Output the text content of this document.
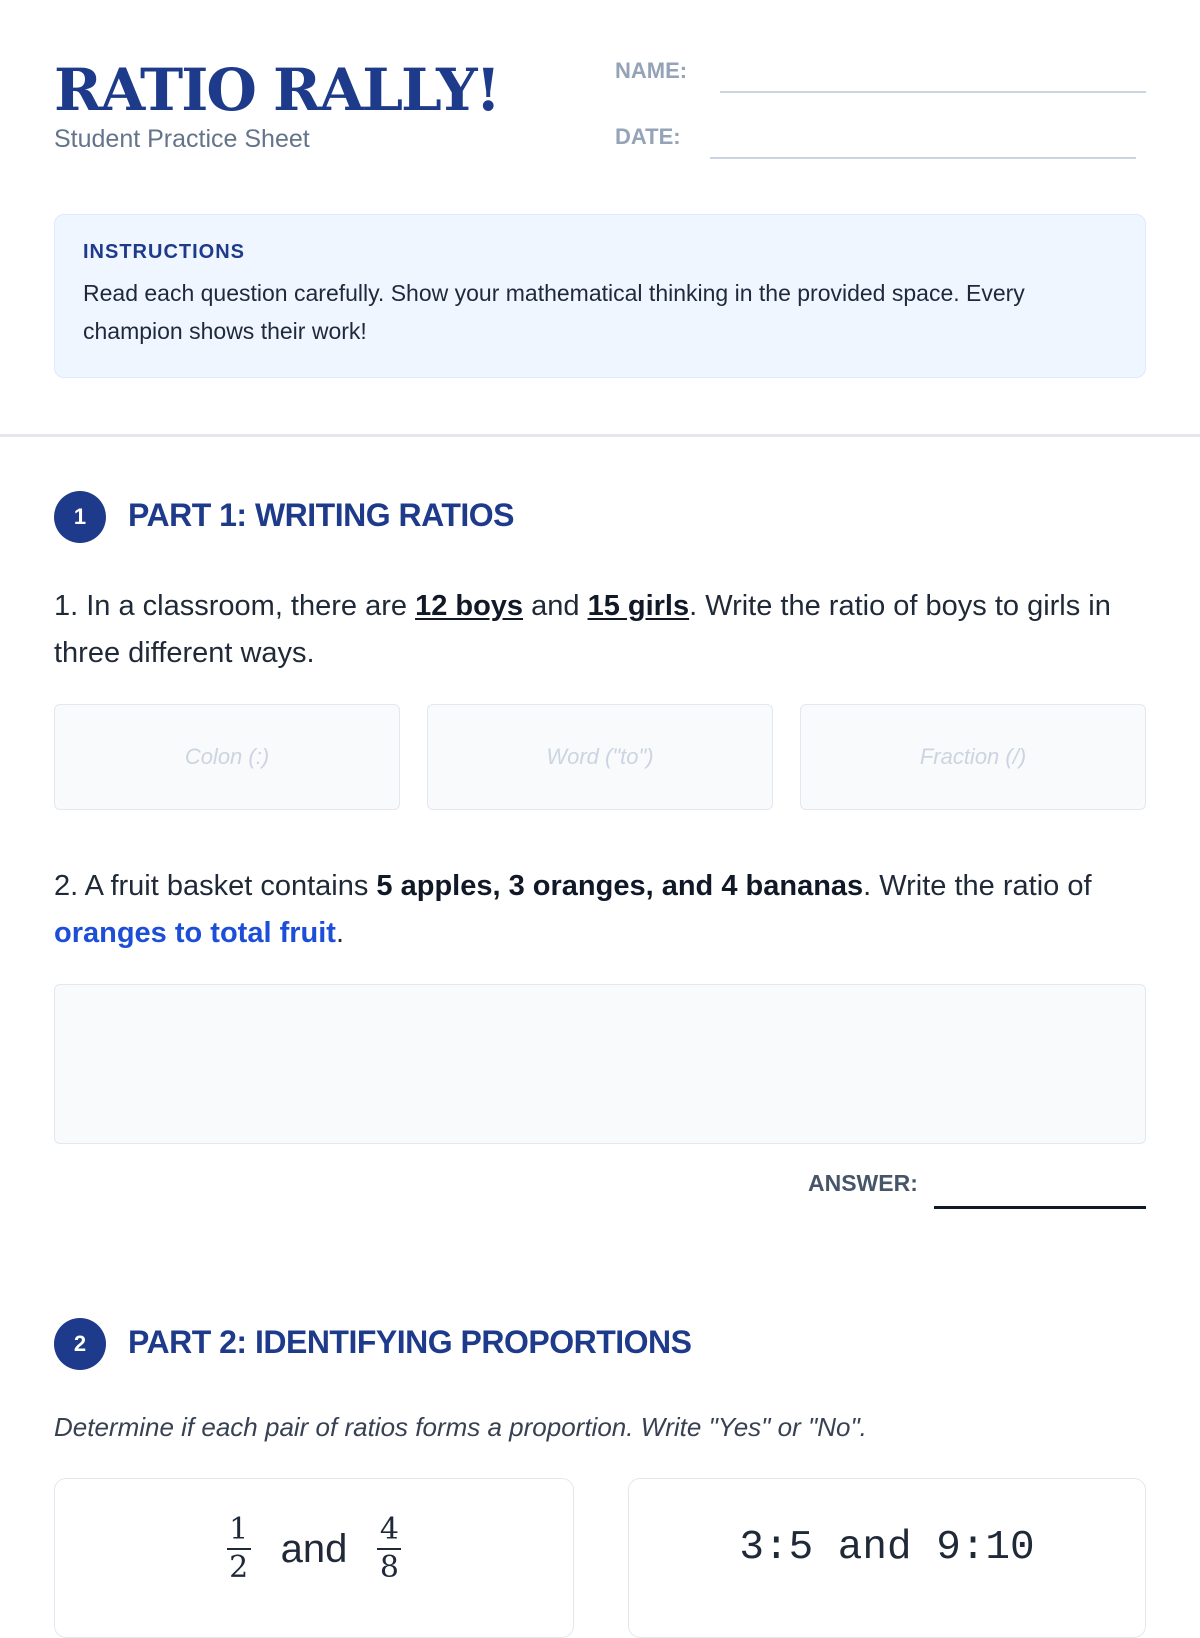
RATIO RALLY!
Student Practice Sheet
NAME:
DATE:
INSTRUCTIONS
Read each question carefully. Show your mathematical thinking in the provided space. Every champion shows their work!
1	PART 1: WRITING RATIOS
1. In a classroom, there are 12 boys and 15 girls. Write the ratio of boys to girls in three different ways.
Colon (:)	Word ("to")	Fraction (/)
2. A fruit basket contains 5 apples, 3 oranges, and 4 bananas. Write the ratio of oranges to total fruit.
ANSWER:
2	PART 2: IDENTIFYING PROPORTIONS
Determine if each pair of ratios forms a proportion. Write "Yes" or "No".
$\frac{1}{2}$ and $\frac{4}{8}$	3:5 and 9:10
